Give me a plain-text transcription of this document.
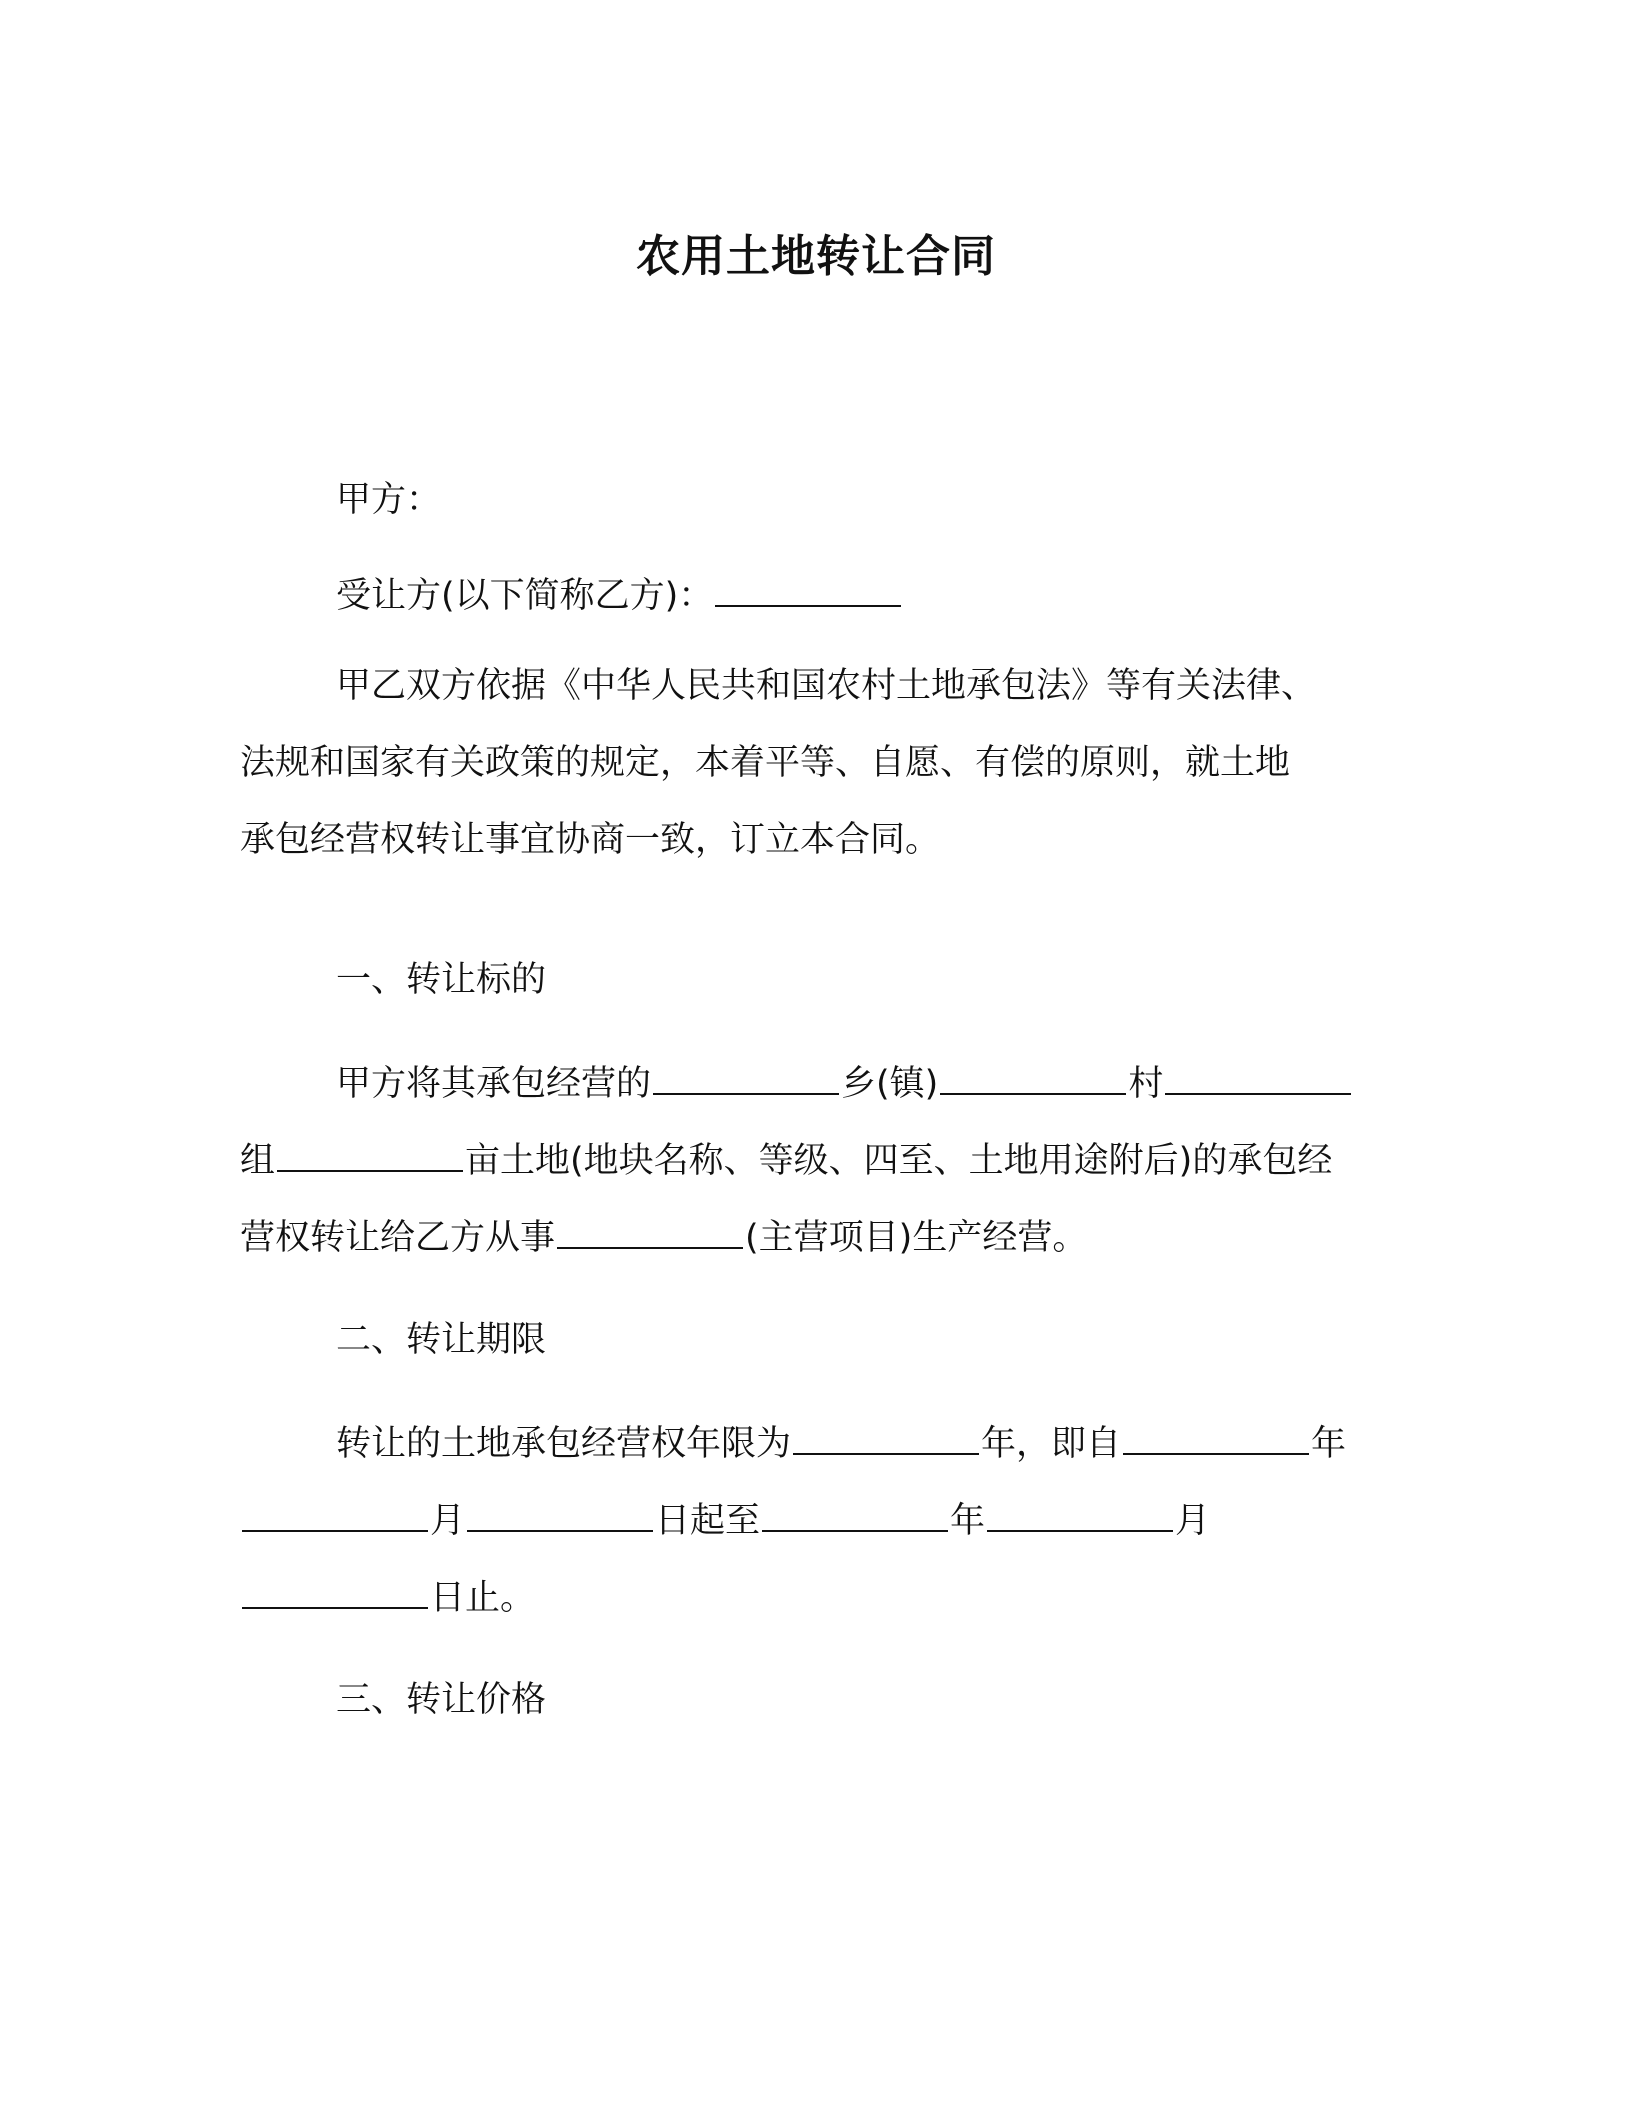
农用土地转让合同
甲方：
受让方(以下简称乙方)：
甲乙双方依据《中华人民共和国农村土地承包法》等有关法律、
法规和国家有关政策的规定，本着平等、自愿、有偿的原则，就土地
承包经营权转让事宜协商一致，订立本合同。
一、转让标的
甲方将其承包经营的	乡(镇)	村
组	亩土地(地块名称、等级、四至、土地用途附后)的承包经
营权转让给乙方从事	(主营项目)生产经营。
二、转让期限
转让的土地承包经营权年限为	年，即自	年
月	日起至	年	月
日止。
三、转让价格
